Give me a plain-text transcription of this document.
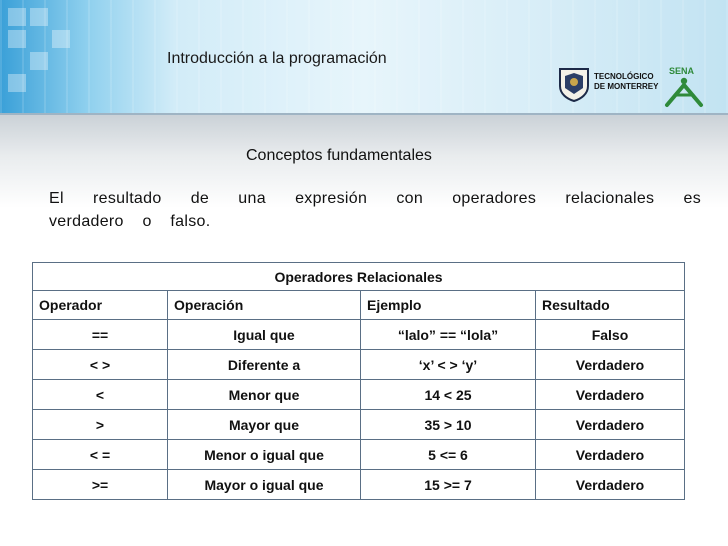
Introducción a la programación
TECNOLÓGICO
DE MONTERREY
SENA
Conceptos fundamentales
El resultado de una expresión con operadores relacionales es verdadero o falso.
Operadores Relacionales			
Operador	Operación	Ejemplo	Resultado
==	Igual que	“lalo” == “lola”	Falso
< >	Diferente a	‘x’ < > ‘y’	Verdadero
<	Menor que	14 < 25	Verdadero
>	Mayor que	35 > 10	Verdadero
< =	Menor o igual que	5 <= 6	Verdadero
>=	Mayor o igual que	15 >= 7	Verdadero
